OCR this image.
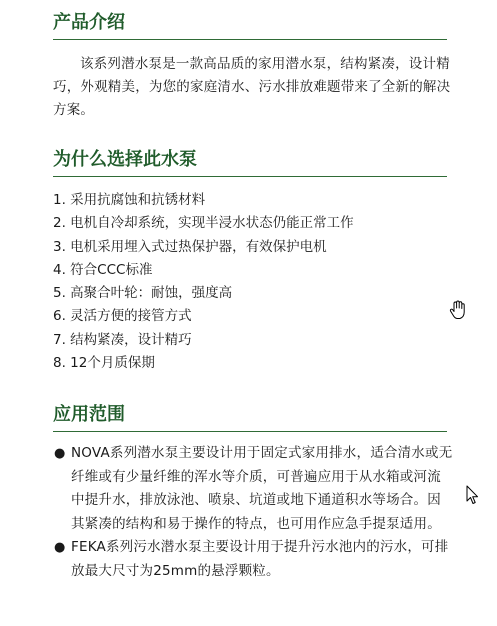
产品介绍

该系列潜水泵是一款高品质的家用潜水泵，结构紧凑，设计精巧，外观精美，为您的家庭清水、污水排放难题带来了全新的解决方案。

为什么选择此水泵
1. 采用抗腐蚀和抗锈材料
2. 电机自冷却系统，实现半浸水状态仍能正常工作
3. 电机采用埋入式过热保护器，有效保护电机
4. 符合CCC标准
5. 高聚合叶轮：耐蚀，强度高
6. 灵活方便的接管方式
7. 结构紧凑，设计精巧
8. 12个月质保期
应用范围
● NOVA系列潜水泵主要设计用于固定式家用排水，适合清水或无纤维或有少量纤维的浑水等介质，可普遍应用于从水箱或河流中提升水，排放泳池、喷泉、坑道或地下通道积水等场合。因其紧凑的结构和易于操作的特点，也可用作应急手提泵适用。
● FEKA系列污水潜水泵主要设计用于提升污水池内的污水，可排放最大尺寸为25mm的悬浮颗粒。
